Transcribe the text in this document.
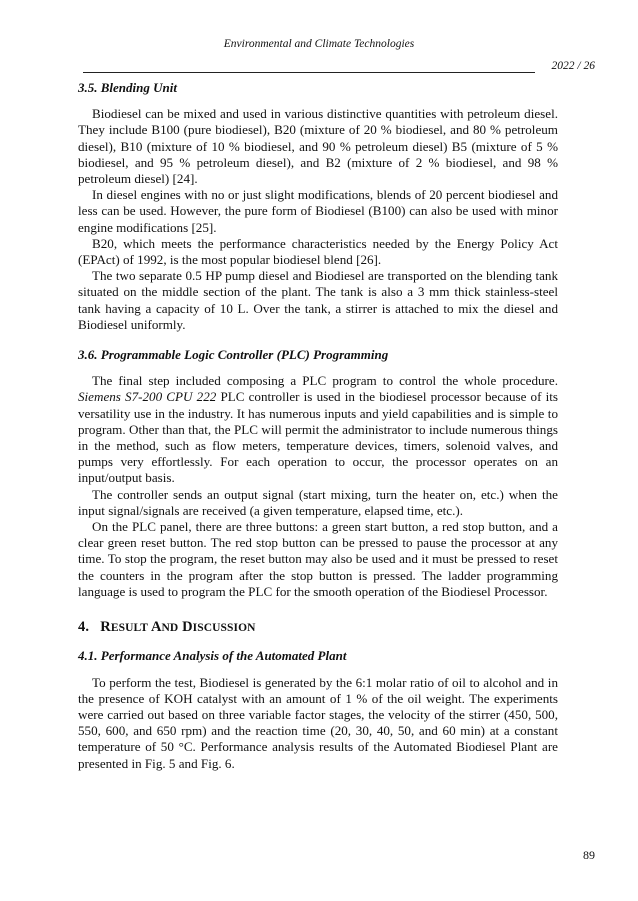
Environmental and Climate Technologies
2022 / 26
3.5. Blending Unit

Biodiesel can be mixed and used in various distinctive quantities with petroleum diesel. They include B100 (pure biodiesel), B20 (mixture of 20 % biodiesel, and 80 % petroleum diesel), B10 (mixture of 10 % biodiesel, and 90 % petroleum diesel) B5 (mixture of 5 % biodiesel, and 95 % petroleum diesel), and B2 (mixture of 2 % biodiesel, and 98 % petroleum diesel) [24].

In diesel engines with no or just slight modifications, blends of 20 percent biodiesel and less can be used. However, the pure form of Biodiesel (B100) can also be used with minor engine modifications [25].

B20, which meets the performance characteristics needed by the Energy Policy Act (EPAct) of 1992, is the most popular biodiesel blend [26].

The two separate 0.5 HP pump diesel and Biodiesel are transported on the blending tank situated on the middle section of the plant. The tank is also a 3 mm thick stainless-steel tank having a capacity of 10 L. Over the tank, a stirrer is attached to mix the diesel and Biodiesel uniformly.

3.6. Programmable Logic Controller (PLC) Programming

The final step included composing a PLC program to control the whole procedure. Siemens S7-200 CPU 222 PLC controller is used in the biodiesel processor because of its versatility use in the industry. It has numerous inputs and yield capabilities and is simple to program. Other than that, the PLC will permit the administrator to include numerous things in the method, such as flow meters, temperature devices, timers, solenoid valves, and pumps very effortlessly. For each operation to occur, the processor operates on an input/output basis.

The controller sends an output signal (start mixing, turn the heater on, etc.) when the input signal/signals are received (a given temperature, elapsed time, etc.).

On the PLC panel, there are three buttons: a green start button, a red stop button, and a clear green reset button. The red stop button can be pressed to pause the processor at any time. To stop the program, the reset button may also be used and it must be pressed to reset the counters in the program after the stop button is pressed. The ladder programming language is used to program the PLC for the smooth operation of the Biodiesel Processor.

4. RESULT AND DISCUSSION
4.1. Performance Analysis of the Automated Plant

To perform the test, Biodiesel is generated by the 6:1 molar ratio of oil to alcohol and in the presence of KOH catalyst with an amount of 1 % of the oil weight. The experiments were carried out based on three variable factor stages, the velocity of the stirrer (450, 500, 550, 600, and 650 rpm) and the reaction time (20, 30, 40, 50, and 60 min) at a constant temperature of 50 °C. Performance analysis results of the Automated Biodiesel Plant are presented in Fig. 5 and Fig. 6.

89
